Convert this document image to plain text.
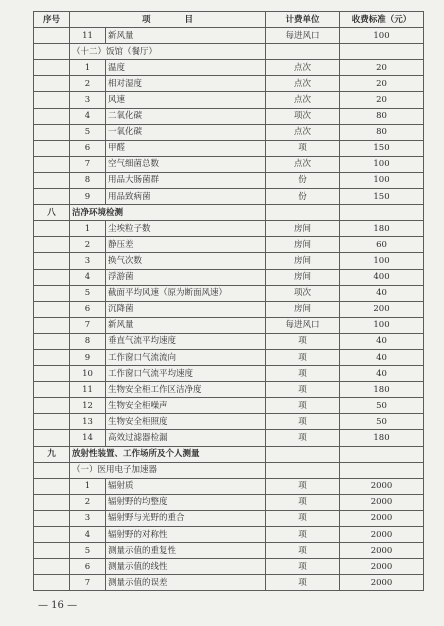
序号	项　　　　目		计费单位	收费标准（元）
	11	新风量	每进风口	100
	（十二）饭馆（餐厅）			
	1	温度	点次	20
	2	相对湿度	点次	20
	3	风速	点次	20
	4	二氧化碳	项次	80
	5	一氧化碳	点次	80
	6	甲醛	项	150
	7	空气细菌总数	点次	100
	8	用品大肠菌群	份	100
	9	用品致病菌	份	150
八	洁净环境检测			
	1	尘埃粒子数	房间	180
	2	静压差	房间	60
	3	换气次数	房间	100
	4	浮游菌	房间	400
	5	截面平均风速（原为断面风速）	项次	40
	6	沉降菌	房间	200
	7	新风量	每进风口	100
	8	垂直气流平均速度	项	40
	9	工作窗口气流流向	项	40
	10	工作窗口气流平均速度	项	40
	11	生物安全柜工作区洁净度	项	180
	12	生物安全柜噪声	项	50
	13	生物安全柜照度	项	50
	14	高效过滤器检漏	项	180
九	放射性装置、工作场所及个人测量			
	（一）医用电子加速器			
	1	辐射质	项	2000
	2	辐射野的均整度	项	2000
	3	辐射野与光野的重合	项	2000
	4	辐射野的对称性	项	2000
	5	测量示值的重复性	项	2000
	6	测量示值的线性	项	2000
	7	测量示值的误差	项	2000
— 16 —
